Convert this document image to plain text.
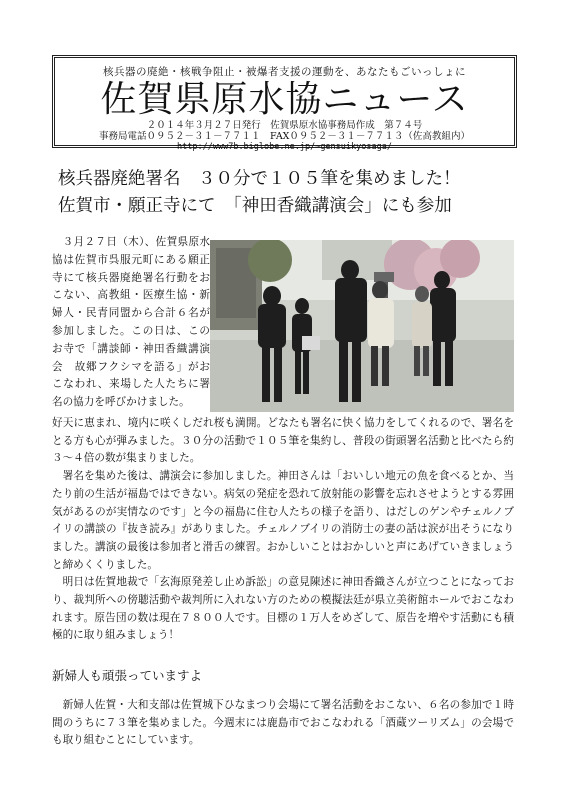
核兵器の廃絶・核戦争阻止・被爆者支援の運動を、あなたもごいっしょに
佐賀県原水協ニュース
２０１４年３月２７日発行　佐賀県原水協事務局作成　第７４号
事務局電話０９５２－３１－７７１１　FAX０９５２－３１－７７１３（佐高教組内）
http://www7b.biglobe.ne.jp/~gensuikyosaga/
核兵器廃絶署名　３０分で１０５筆を集めました！
佐賀市・願正寺にて　「神田香織講演会」にも参加

３月２７日（木）、佐賀県原水協は佐賀市呉服元町にある願正寺にて核兵器廃絶署名行動をおこない、高教組・医療生協・新婦人・民青同盟から合計６名が参加しました。この日は、このお寺で「講談師・神田香織講演会　故郷フクシマを語る」がおこなわれ、来場した人たちに署名の協力を呼びかけました。

好天に恵まれ、境内に咲くしだれ桜も満開。どなたも署名に快く協力をしてくれるので、署名をとる方も心が弾みました。３０分の活動で１０５筆を集約し、普段の街頭署名活動と比べたら約３～４倍の数が集まりました。

署名を集めた後は、講演会に参加しました。神田さんは「おいしい地元の魚を食べるとか、当たり前の生活が福島ではできない。病気の発症を恐れて放射能の影響を忘れさせようとする雰囲気があるのが実情なのです」と今の福島に住む人たちの様子を語り、はだしのゲンやチェルノブイリの講談の『抜き読み』がありました。チェルノブイリの消防士の妻の話は涙が出そうになりました。講演の最後は参加者と滑舌の練習。おかしいことはおかしいと声にあげていきましょうと締めくくりました。

明日は佐賀地裁で「玄海原発差し止め訴訟」の意見陳述に神田香織さんが立つことになっており、裁判所への傍聴活動や裁判所に入れない方のための模擬法廷が県立美術館ホールでおこなわれます。原告団の数は現在７８００人です。目標の１万人をめざして、原告を増やす活動にも積極的に取り組みましょう！

新婦人も頑張っていますよ
新婦人佐賀・大和支部は佐賀城下ひなまつり会場にて署名活動をおこない、６名の参加で１時間のうちに７３筆を集めました。今週末には鹿島市でおこなわれる「酒蔵ツーリズム」の会場でも取り組むことにしています。
